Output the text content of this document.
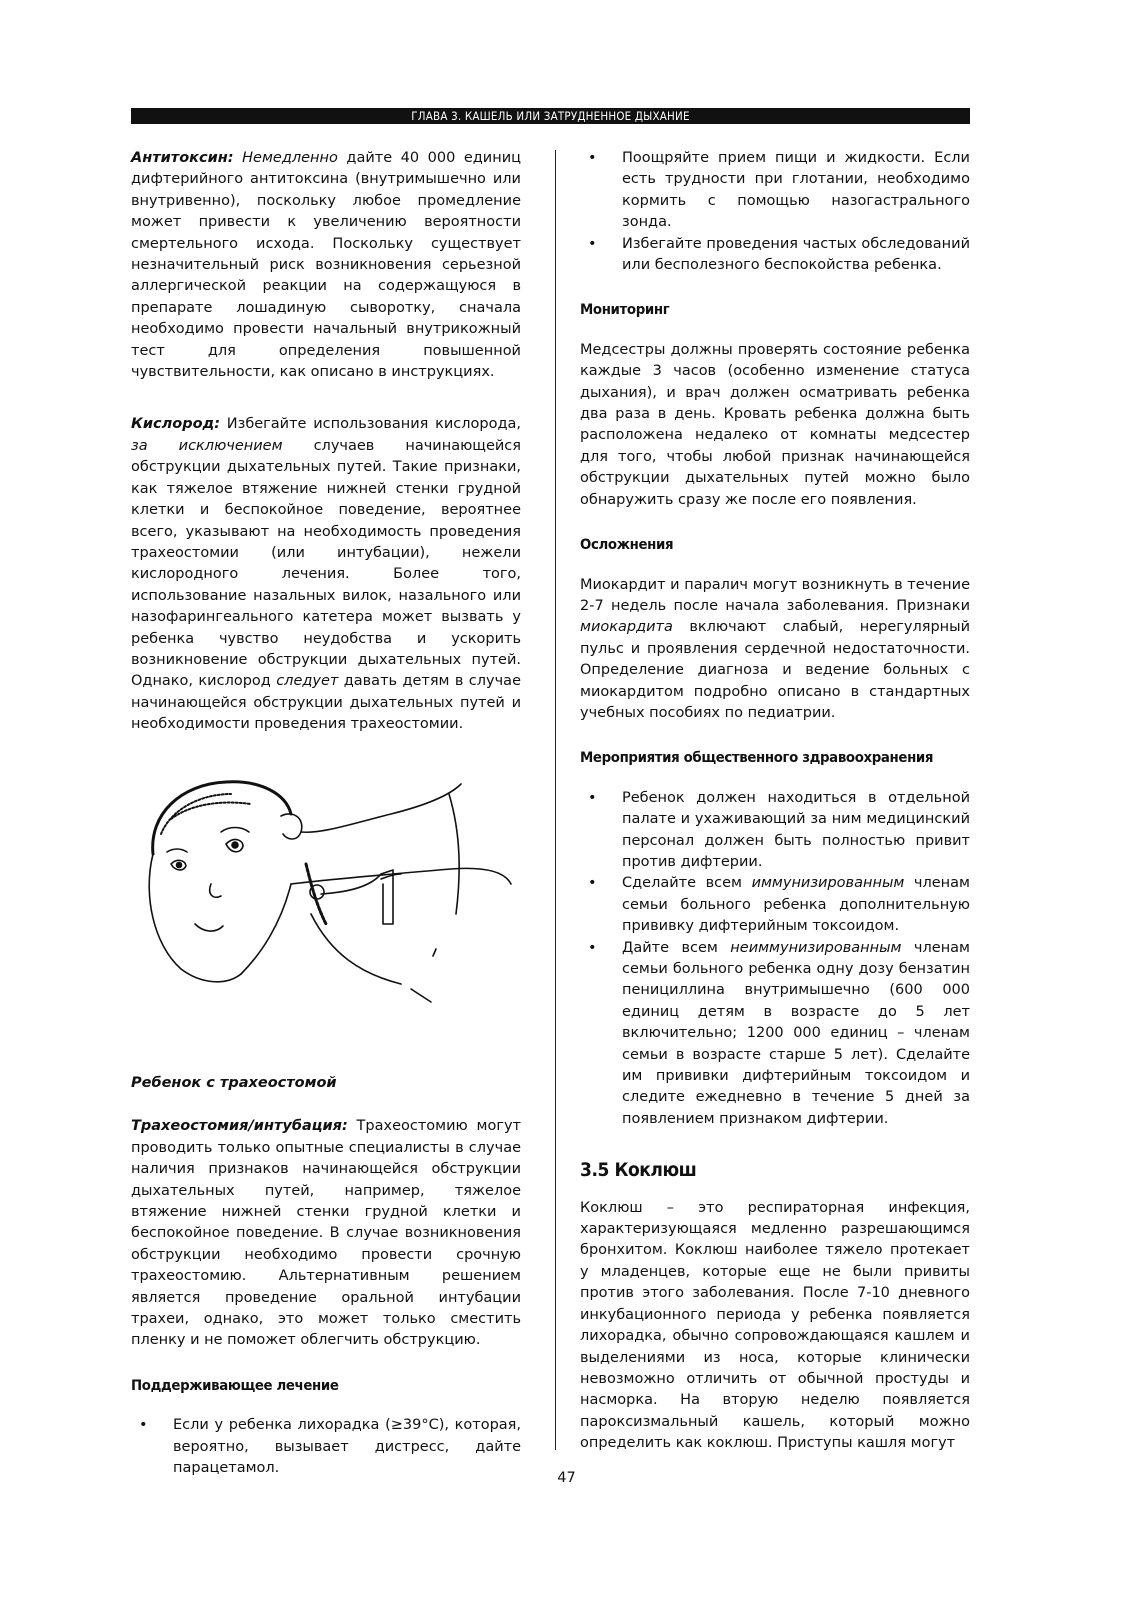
ГЛАВА 3. КАШЕЛЬ ИЛИ ЗАТРУДНЕННОЕ ДЫХАНИЕ

Антитоксин: Немедленно дайте 40 000 единиц дифтерийного антитоксина (внутримышечно или внутривенно), поскольку любое промедление может привести к увеличению вероятности смертельного исхода. Поскольку существует незначительный риск возникновения серьезной аллергической реакции на содержащуюся в препарате лошадиную сыворотку, сначала необходимо провести начальный внутрикожный тест для определения повышенной чувствительности, как описано в инструкциях.

Кислород: Избегайте использования кислорода, за исключением случаев начинающейся обструкции дыхательных путей. Такие признаки, как тяжелое втяжение нижней стенки грудной клетки и беспокойное поведение, вероятнее всего, указывают на необходимость проведения трахеостомии (или интубации), нежели кислородного лечения. Более того, использование назальных вилок, назального или назофарингеального катетера может вызвать у ребенка чувство неудобства и ускорить возникновение обструкции дыхательных путей. Однако, кислород следует давать детям в случае начинающейся обструкции дыхательных путей и необходимости проведения трахеостомии.

Ребенок с трахеостомой

Трахеостомия/интубация: Трахеостомию могут проводить только опытные специалисты в случае наличия признаков начинающейся обструкции дыхательных путей, например, тяжелое втяжение нижней стенки грудной клетки и беспокойное поведение. В случае возникновения обструкции необходимо провести срочную трахеостомию. Альтернативным решением является проведение оральной интубации трахеи, однако, это может только сместить пленку и не поможет облегчить обструкцию.

Поддерживающее лечение
• Если у ребенка лихорадка (≥39°C), которая, вероятно, вызывает дистресс, дайте парацетамол.
• Поощряйте прием пищи и жидкости. Если есть трудности при глотании, необходимо кормить с помощью назогастрального зонда.
• Избегайте проведения частых обследований или бесполезного беспокойства ребенка.
Мониторинг

Медсестры должны проверять состояние ребенка каждые 3 часов (особенно изменение статуса дыхания), и врач должен осматривать ребенка два раза в день. Кровать ребенка должна быть расположена недалеко от комнаты медсестер для того, чтобы любой признак начинающейся обструкции дыхательных путей можно было обнаружить сразу же после его появления.

Осложнения

Миокардит и паралич могут возникнуть в течение 2-7 недель после начала заболевания. Признаки миокардита включают слабый, нерегулярный пульс и проявления сердечной недостаточности. Определение диагноза и ведение больных с миокардитом подробно описано в стандартных учебных пособиях по педиатрии.

Мероприятия общественного здравоохранения
• Ребенок должен находиться в отдельной палате и ухаживающий за ним медицинский персонал должен быть полностью привит против дифтерии.
• Сделайте всем иммунизированным членам семьи больного ребенка дополнительную прививку дифтерийным токсоидом.
• Дайте всем неиммунизированным членам семьи больного ребенка одну дозу бензатин пенициллина внутримышечно (600 000 единиц детям в возрасте до 5 лет включительно; 1200 000 единиц – членам семьи в возрасте старше 5 лет). Сделайте им прививки дифтерийным токсоидом и следите ежедневно в течение 5 дней за появлением признаком дифтерии.
3.5 Коклюш

Коклюш – это респираторная инфекция, характеризующаяся медленно разрешающимся бронхитом. Коклюш наиболее тяжело протекает у младенцев, которые еще не были привиты против этого заболевания. После 7-10 дневного инкубационного периода у ребенка появляется лихорадка, обычно сопровождающаяся кашлем и выделениями из носа, которые клинически невозможно отличить от обычной простуды и насморка. На вторую неделю появляется пароксизмальный кашель, который можно определить как коклюш. Приступы кашля могут

47
